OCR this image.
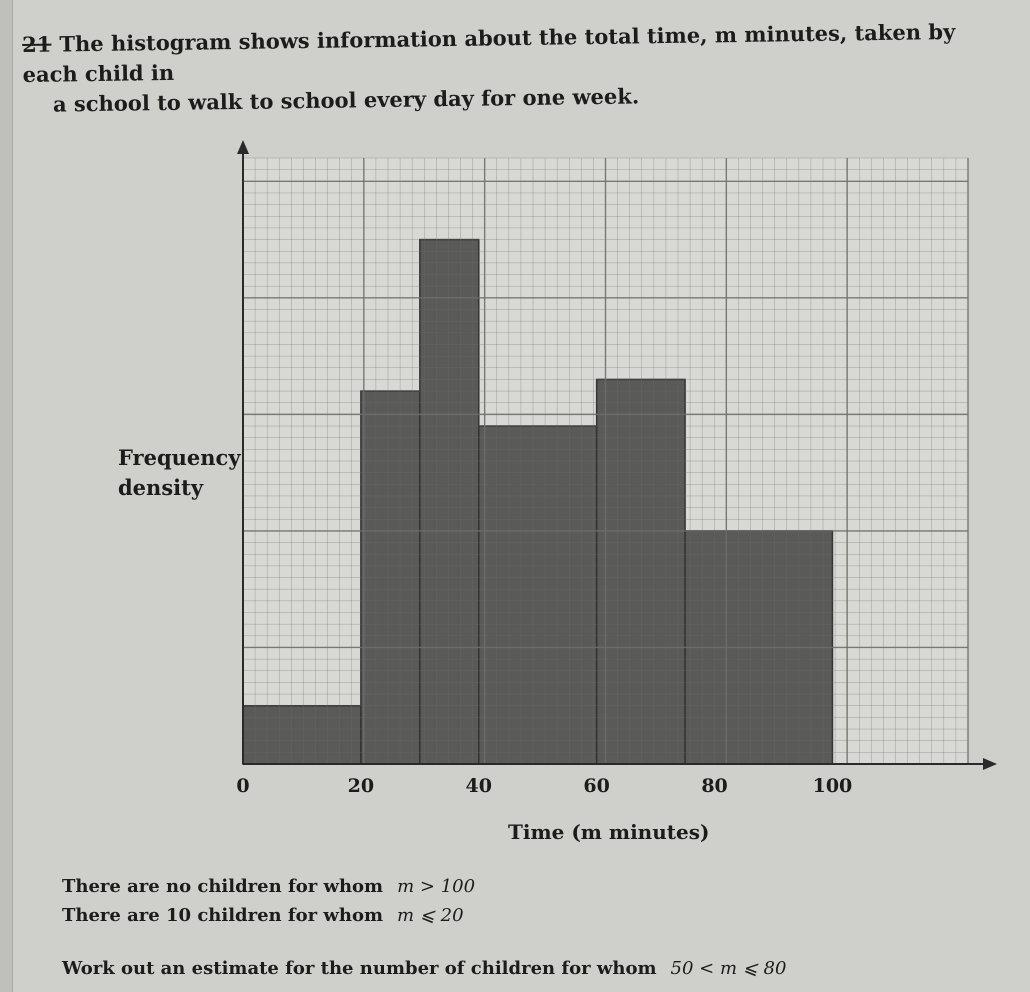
21 The histogram shows information about the total time, m minutes, taken by each child in

a school to walk to school every day for one week.

0	20	40	60	80	100
Frequency density
Time (m minutes)
There are no children for whom m > 100
There are 10 children for whom m ⩽ 20
Work out an estimate for the number of children for whom 50 < m ⩽ 80
